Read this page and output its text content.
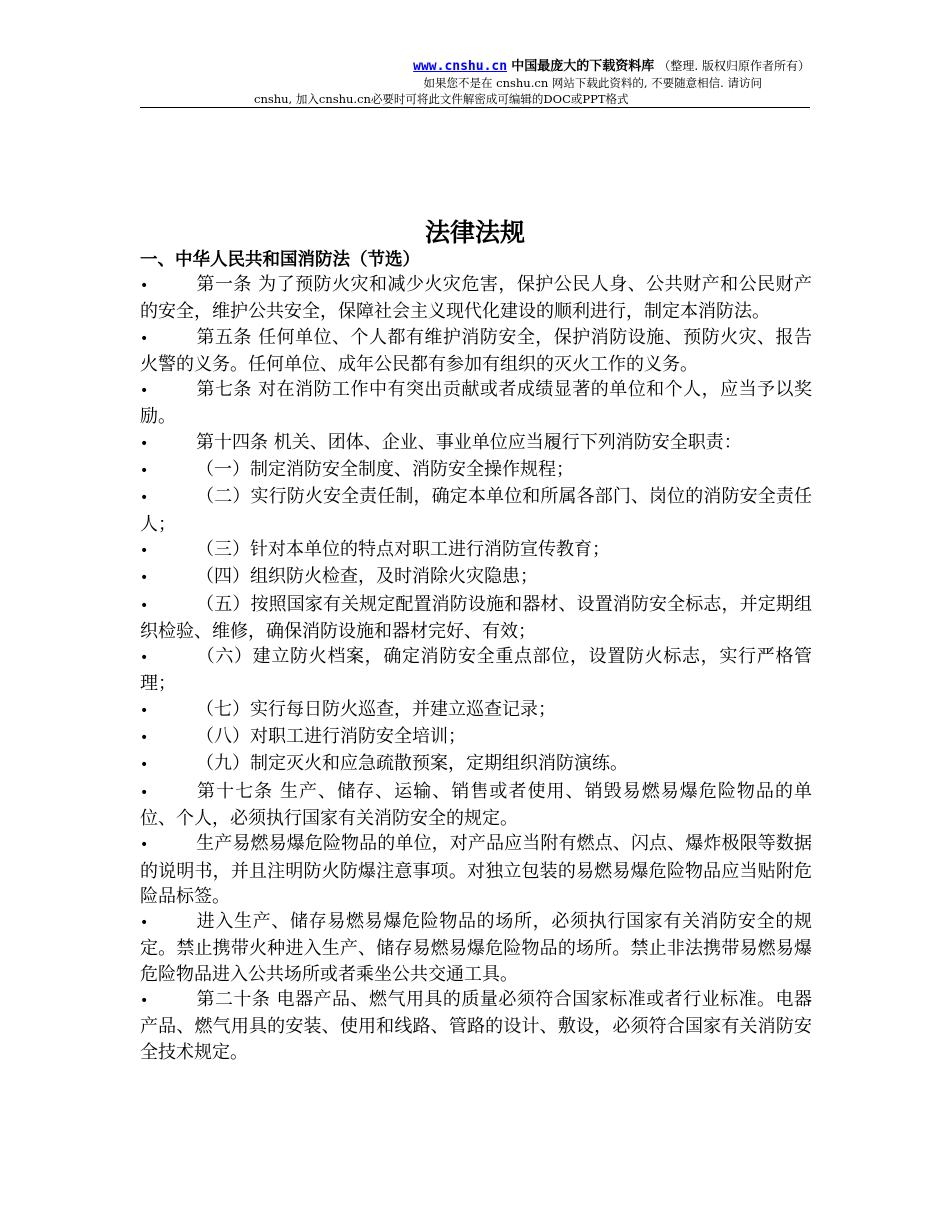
www.cnshu.cn 中国最庞大的下载资料库 （整理. 版权归原作者所有）
如果您不是在 cnshu.cn 网站下载此资料的, 不要随意相信. 请访问
cnshu, 加入cnshu.cn必要时可将此文件解密成可编辑的DOC或PPT格式
法律法规
一、中华人民共和国消防法（节选）

•	第一条 为了预防火灾和减少火灾危害，保护公民人身、公共财产和公民财产的安全，维护公共安全，保障社会主义现代化建设的顺利进行，制定本消防法。

•	第五条 任何单位、个人都有维护消防安全，保护消防设施、预防火灾、报告火警的义务。任何单位、成年公民都有参加有组织的灭火工作的义务。

•	第七条 对在消防工作中有突出贡献或者成绩显著的单位和个人，应当予以奖励。

•	第十四条 机关、团体、企业、事业单位应当履行下列消防安全职责：

•	（一）制定消防安全制度、消防安全操作规程；

•	（二）实行防火安全责任制，确定本单位和所属各部门、岗位的消防安全责任人；

•	（三）针对本单位的特点对职工进行消防宣传教育；

•	（四）组织防火检查，及时消除火灾隐患；

•	（五）按照国家有关规定配置消防设施和器材、设置消防安全标志，并定期组织检验、维修，确保消防设施和器材完好、有效；

•	（六）建立防火档案，确定消防安全重点部位，设置防火标志，实行严格管理；

•	（七）实行每日防火巡查，并建立巡查记录；

•	（八）对职工进行消防安全培训；

•	（九）制定灭火和应急疏散预案，定期组织消防演练。

•	第十七条 生产、储存、运输、销售或者使用、销毁易燃易爆危险物品的单位、个人，必须执行国家有关消防安全的规定。

•	生产易燃易爆危险物品的单位，对产品应当附有燃点、闪点、爆炸极限等数据的说明书，并且注明防火防爆注意事项。对独立包装的易燃易爆危险物品应当贴附危险品标签。

•	进入生产、储存易燃易爆危险物品的场所，必须执行国家有关消防安全的规定。禁止携带火种进入生产、储存易燃易爆危险物品的场所。禁止非法携带易燃易爆危险物品进入公共场所或者乘坐公共交通工具。

•	第二十条 电器产品、燃气用具的质量必须符合国家标准或者行业标准。电器产品、燃气用具的安装、使用和线路、管路的设计、敷设，必须符合国家有关消防安全技术规定。
